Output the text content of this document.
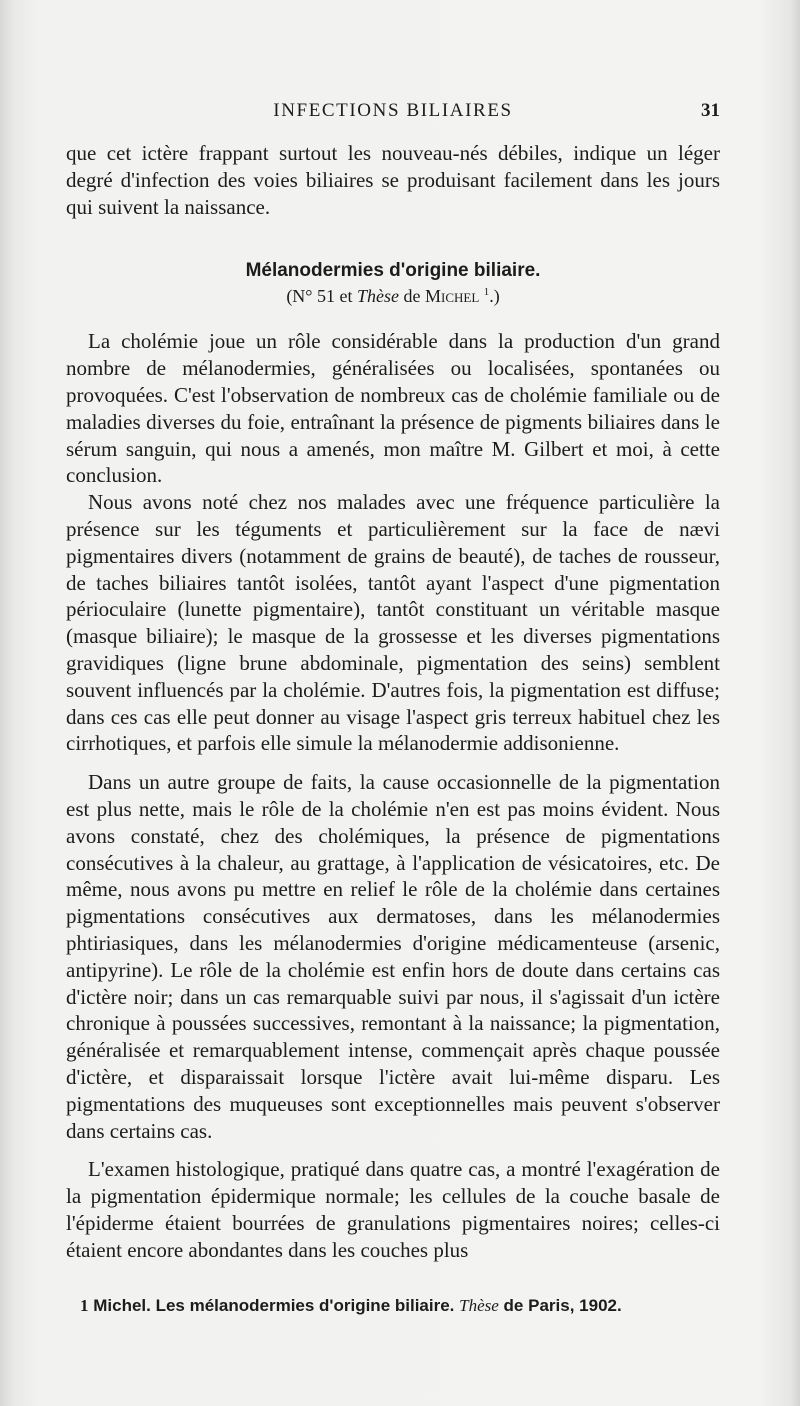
INFECTIONS BILIAIRES	31

que cet ictère frappant surtout les nouveau-nés débiles, indique un léger degré d'infection des voies biliaires se produisant facilement dans les jours qui suivent la naissance.

Mélanodermies d'origine biliaire.
(N° 51 et Thèse de Michel $^1$.)

La cholémie joue un rôle considérable dans la production d'un grand nombre de mélanodermies, généralisées ou localisées, spontanées ou provoquées. C'est l'observation de nombreux cas de cholémie familiale ou de maladies diverses du foie, entraînant la présence de pigments biliaires dans le sérum sanguin, qui nous a amenés, mon maître M. Gilbert et moi, à cette conclusion.

Nous avons noté chez nos malades avec une fréquence particulière la présence sur les téguments et particulièrement sur la face de nævi pigmentaires divers (notamment de grains de beauté), de taches de rousseur, de taches biliaires tantôt isolées, tantôt ayant l'aspect d'une pigmentation périoculaire (lunette pigmentaire), tantôt constituant un véritable masque (masque biliaire); le masque de la grossesse et les diverses pigmentations gravidiques (ligne brune abdominale, pigmentation des seins) semblent souvent influencés par la cholémie. D'autres fois, la pigmentation est diffuse; dans ces cas elle peut donner au visage l'aspect gris terreux habituel chez les cirrhotiques, et parfois elle simule la mélanodermie addisonienne.

Dans un autre groupe de faits, la cause occasionnelle de la pigmentation est plus nette, mais le rôle de la cholémie n'en est pas moins évident. Nous avons constaté, chez des cholémiques, la présence de pigmentations consécutives à la chaleur, au grattage, à l'application de vésicatoires, etc. De même, nous avons pu mettre en relief le rôle de la cholémie dans certaines pigmentations consécutives aux dermatoses, dans les mélanodermies phtiriasiques, dans les mélanodermies d'origine médicamenteuse (arsenic, antipyrine). Le rôle de la cholémie est enfin hors de doute dans certains cas d'ictère noir; dans un cas remarquable suivi par nous, il s'agissait d'un ictère chronique à poussées successives, remontant à la naissance; la pigmentation, généralisée et remarquablement intense, commençait après chaque poussée d'ictère, et disparaissait lorsque l'ictère avait lui-même disparu. Les pigmentations des muqueuses sont exceptionnelles mais peuvent s'observer dans certains cas.

L'examen histologique, pratiqué dans quatre cas, a montré l'exagération de la pigmentation épidermique normale; les cellules de la couche basale de l'épiderme étaient bourrées de granulations pigmentaires noires; celles-ci étaient encore abondantes dans les couches plus

1 Michel. Les mélanodermies d'origine biliaire. Thèse de Paris, 1902.
